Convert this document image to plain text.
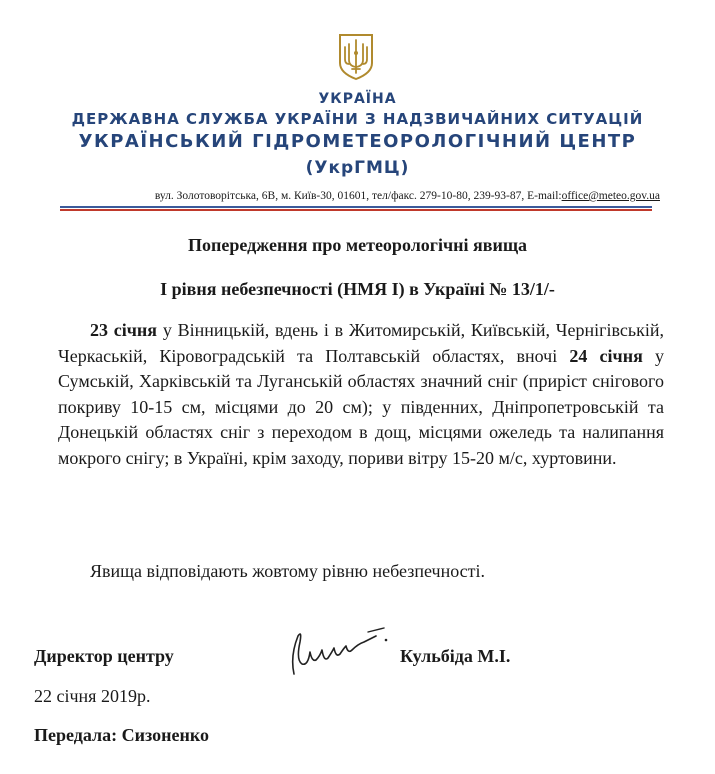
УКРАЇНА
ДЕРЖАВНА СЛУЖБА УКРАЇНИ З НАДЗВИЧАЙНИХ СИТУАЦІЙ
УКРАЇНСЬКИЙ ГІДРОМЕТЕОРОЛОГІЧНИЙ ЦЕНТР
(УкрГМЦ)
вул. Золотоворітська, 6В, м. Київ-30, 01601, тел/факс. 279-10-80, 239-93-87, E-mail:office@meteo.gov.ua
Попередження про метеорологічні явища
І рівня небезпечності (НМЯ І) в Україні № 13/1/-
23 січня у Вінницькій, вдень і в Житомирській, Київській, Чернігівській, Черкаській, Кіровоградській та Полтавській областях, вночі 24 січня у Сумській, Харківській та Луганській областях значний сніг (приріст снігового покриву 10-15 см, місцями до 20 см); у південних, Дніпропетровській та Донецькій областях сніг з переходом в дощ, місцями ожеледь та налипання мокрого снігу; в Україні, крім заходу, пориви вітру 15-20 м/с, хуртовини.
Явища відповідають жовтому рівню небезпечності.
Директор центру	Кульбіда М.І.
22 січня 2019р.
Передала: Сизоненко
